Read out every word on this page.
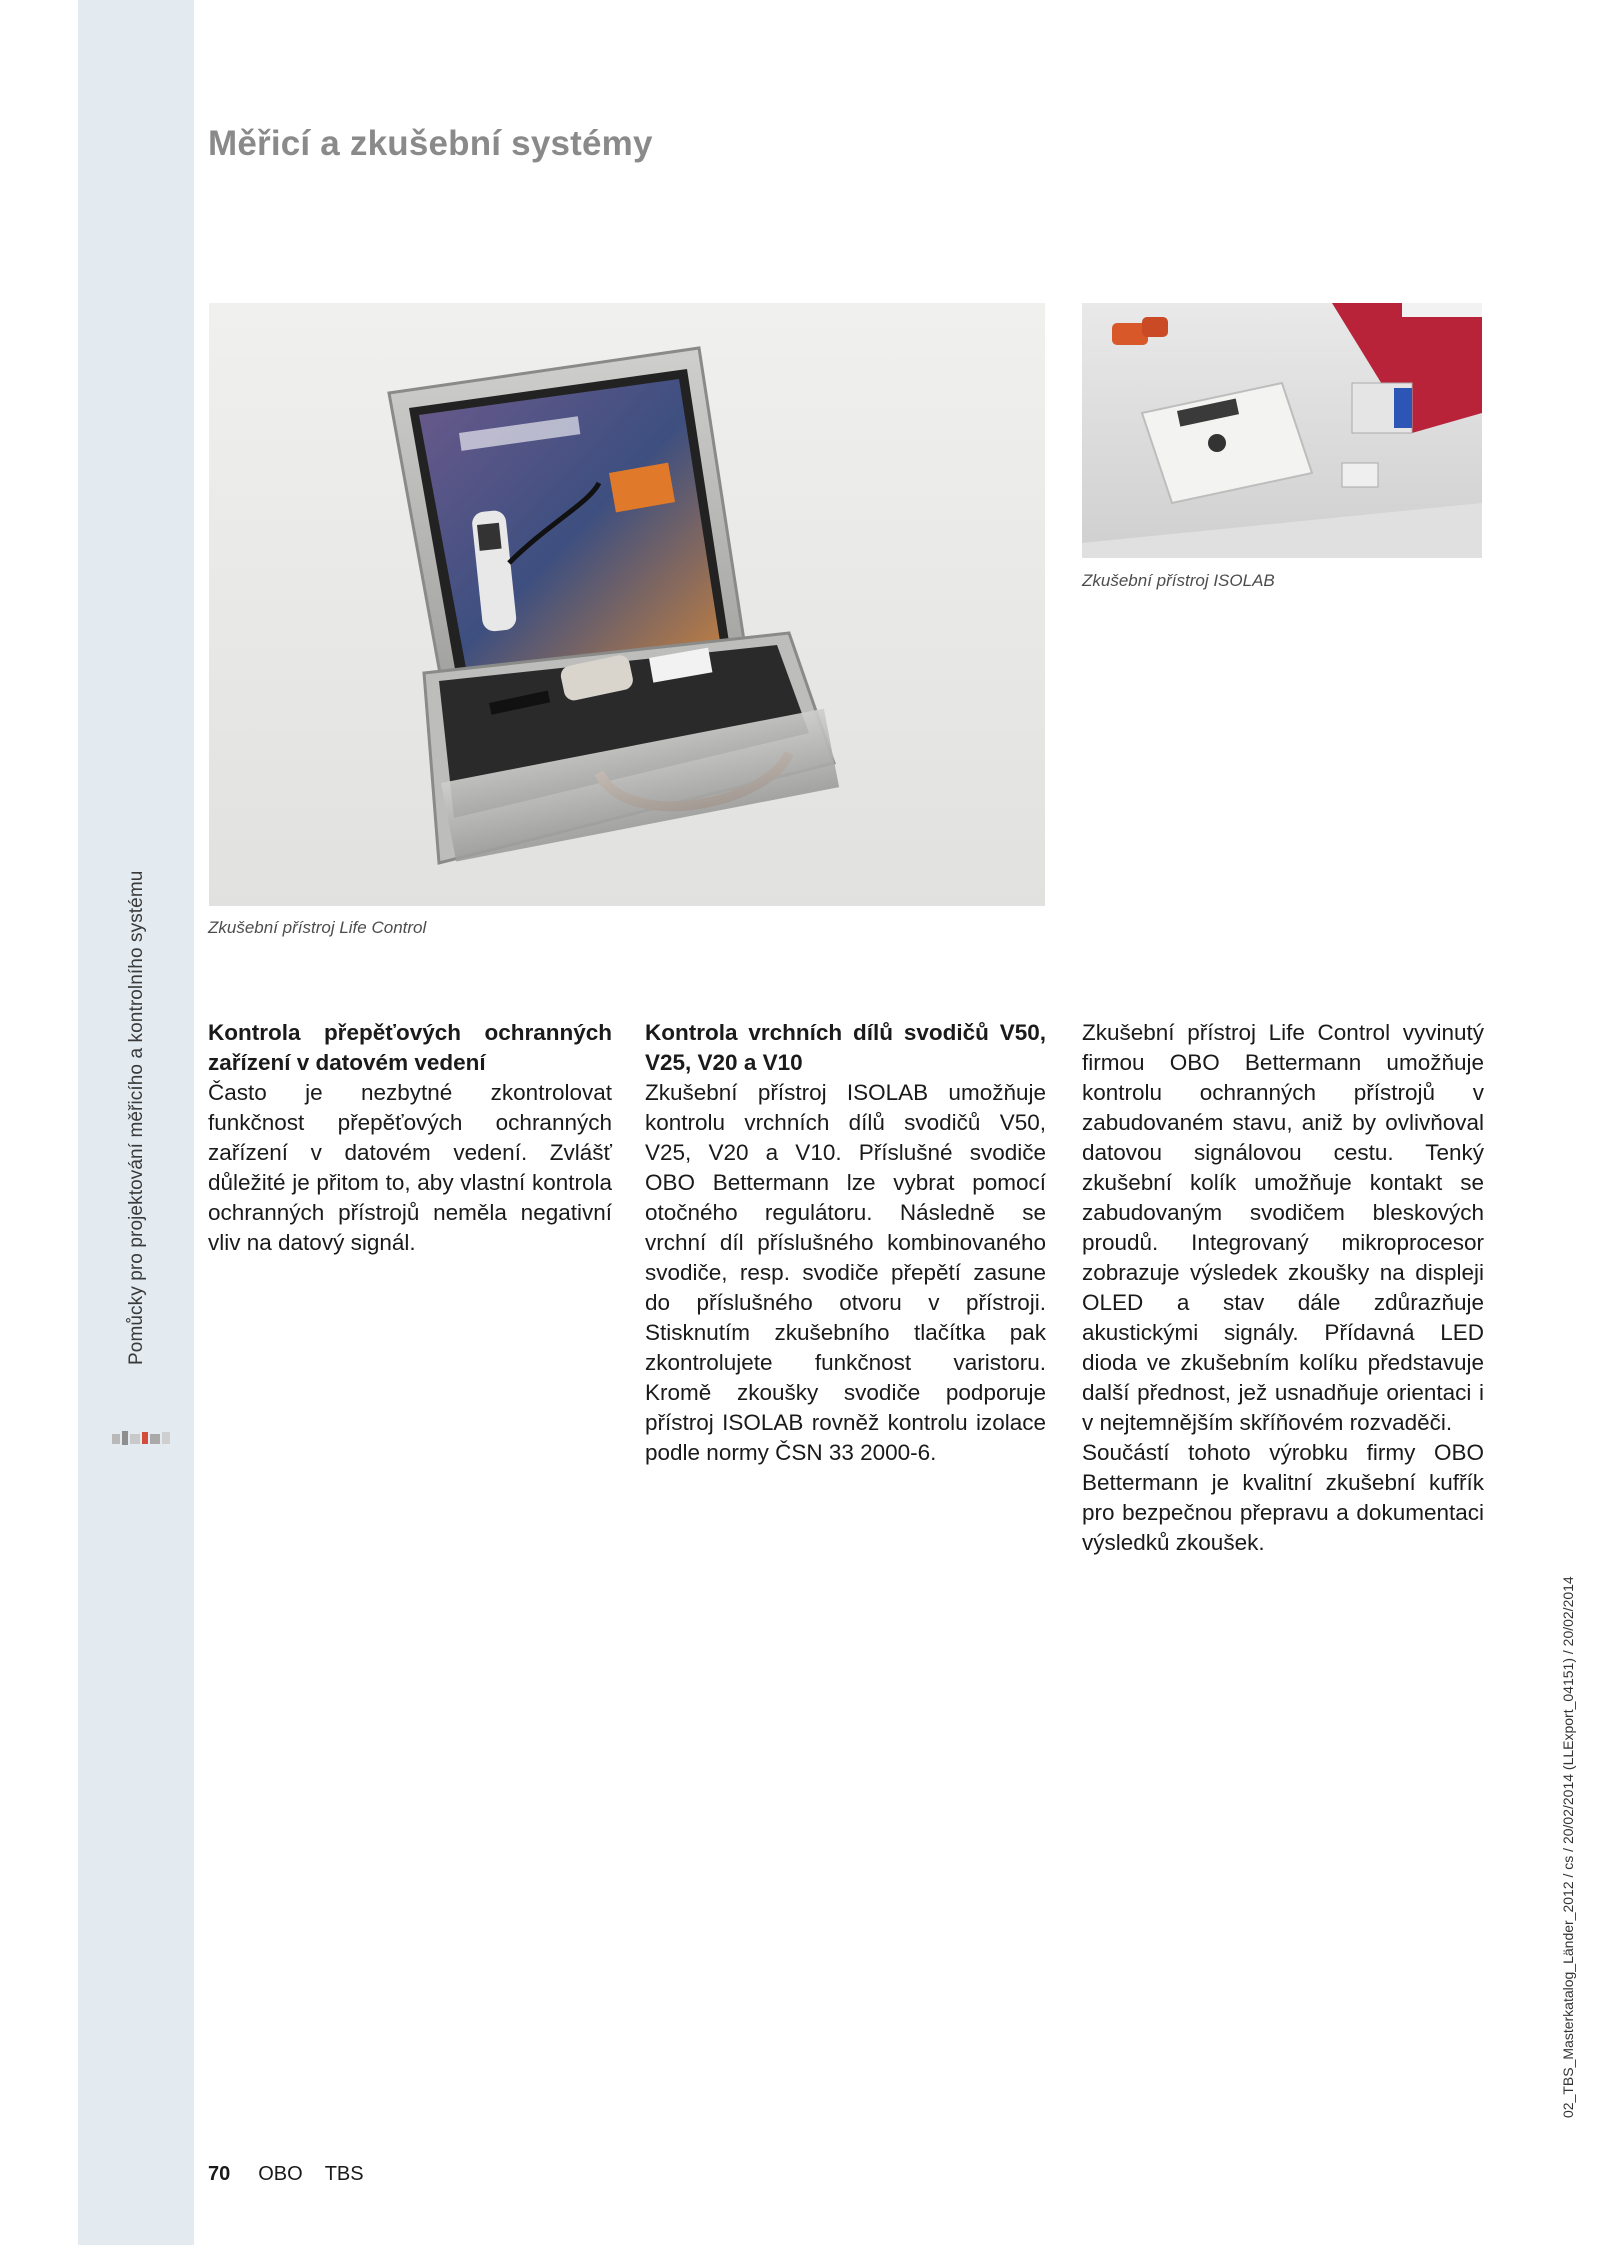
Pomůcky pro projektování měřicího a kontrolního systému
Měřicí a zkušební systémy
Zkušební přístroj Life Control
Zkušební přístroj ISOLAB
Kontrola přepěťových ochranných zařízení v datovém vedení

Často je nezbytné zkontrolovat funkčnost přepěťových ochranných zařízení v datovém vedení. Zvlášť důležité je přitom to, aby vlastní kontrola ochranných přístrojů neměla negativní vliv na datový signál.

Kontrola vrchních dílů svodičů V50, V25, V20 a V10

Zkušební přístroj ISOLAB umožňuje kontrolu vrchních dílů svodičů V50, V25, V20 a V10. Příslušné svodiče OBO Bettermann lze vybrat pomocí otočného regulátoru. Následně se vrchní díl příslušného kombinovaného svodiče, resp. svodiče přepětí zasune do příslušného otvoru v přístroji. Stisknutím zkušebního tlačítka pak zkontrolujete funkčnost varistoru. Kromě zkoušky svodiče podporuje přístroj ISOLAB rovněž kontrolu izolace podle normy ČSN 33 2000-6.

Zkušební přístroj Life Control vyvinutý firmou OBO Bettermann umožňuje kontrolu ochranných přístrojů v zabudovaném stavu, aniž by ovlivňoval datovou signálovou cestu. Tenký zkušební kolík umožňuje kontakt se zabudovaným svodičem bleskových proudů. Integrovaný mikroprocesor zobrazuje výsledek zkoušky na displeji OLED a stav dále zdůrazňuje akustickými signály. Přídavná LED dioda ve zkušebním kolíku představuje další přednost, jež usnadňuje orientaci i v nejtemnějším skříňovém rozvaděči.

Součástí tohoto výrobku firmy OBO Bettermann je kvalitní zkušební kufřík pro bezpečnou přepravu a dokumentaci výsledků zkoušek.

70 OBO TBS
02_TBS_Masterkatalog_Länder_2012 / cs / 20/02/2014 (LLExport_04151) / 20/02/2014
